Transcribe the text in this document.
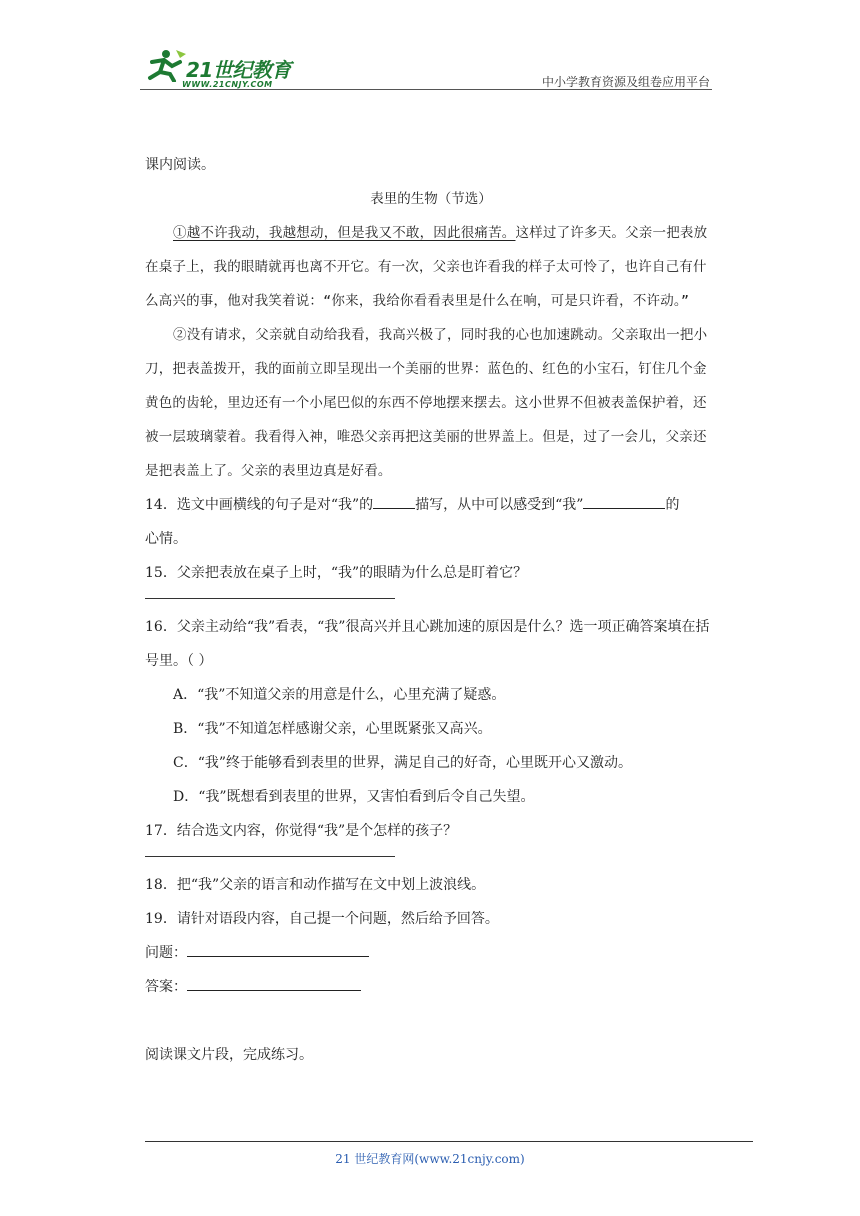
21世纪教育
WWW.21CNJY.COM	中小学教育资源及组卷应用平台

课内阅读。

表里的生物（节选）

①越不许我动，我越想动，但是我又不敢，因此很痛苦。这样过了许多天。父亲一把表放在桌子上，我的眼睛就再也离不开它。有一次，父亲也许看我的样子太可怜了，也许自己有什么高兴的事，他对我笑着说：“你来，我给你看看表里是什么在响，可是只许看，不许动。”

②没有请求，父亲就自动给我看，我高兴极了，同时我的心也加速跳动。父亲取出一把小刀，把表盖拨开，我的面前立即呈现出一个美丽的世界：蓝色的、红色的小宝石，钉住几个金黄色的齿轮，里边还有一个小尾巴似的东西不停地摆来摆去。这小世界不但被表盖保护着，还被一层玻璃蒙着。我看得入神，唯恐父亲再把这美丽的世界盖上。但是，过了一会儿，父亲还是把表盖上了。父亲的表里边真是好看。

14．选文中画横线的句子是对“我”的	描写，从中可以感受到“我”	的
心情。

15．父亲把表放在桌子上时，“我”的眼睛为什么总是盯着它？

16．父亲主动给“我”看表，“我”很高兴并且心跳加速的原因是什么？选一项正确答案填在括号里。（ ）

A．“我”不知道父亲的用意是什么，心里充满了疑惑。

B．“我”不知道怎样感谢父亲，心里既紧张又高兴。

C．“我”终于能够看到表里的世界，满足自己的好奇，心里既开心又激动。

D．“我”既想看到表里的世界，又害怕看到后令自己失望。

17．结合选文内容，你觉得“我”是个怎样的孩子？

18．把“我”父亲的语言和动作描写在文中划上波浪线。

19．请针对语段内容，自己提一个问题，然后给予回答。

问题：

答案：

阅读课文片段，完成练习。

21 世纪教育网(www.21cnjy.com)
